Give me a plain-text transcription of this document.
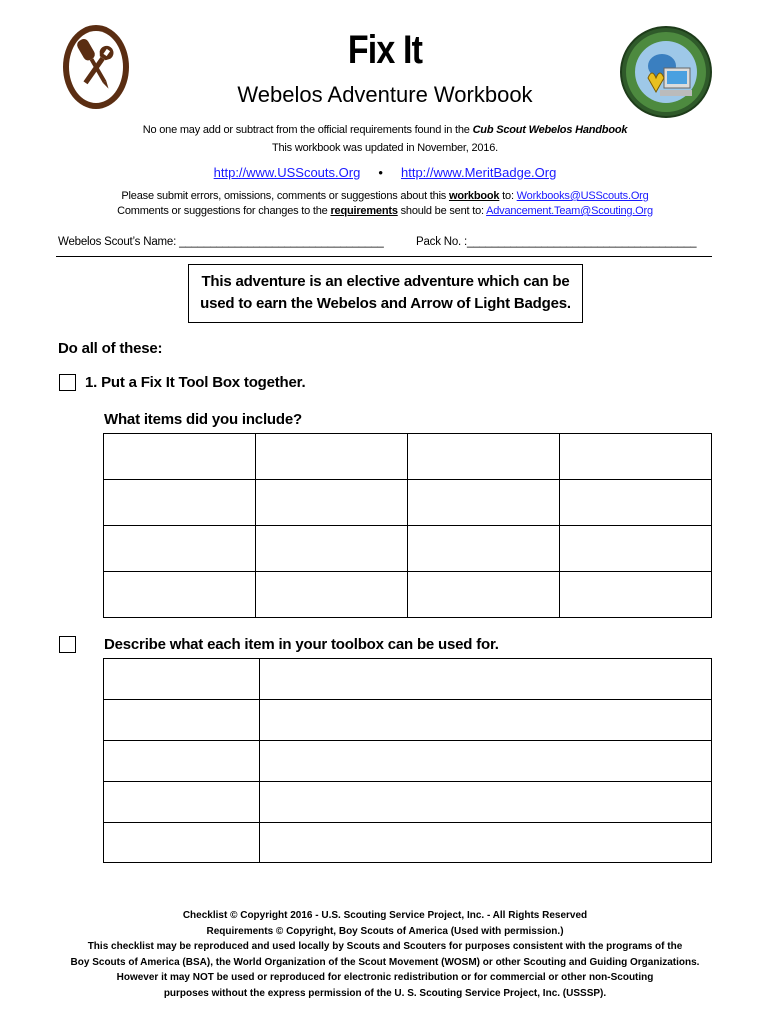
Fix It
Webelos Adventure Workbook
No one may add or subtract from the official requirements found in the Cub Scout Webelos Handbook
This workbook was updated in November, 2016.
http://www.USScouts.Org • http://www.MeritBadge.Org
Please submit errors, omissions, comments or suggestions about this workbook to: Workbooks@USScouts.Org
Comments or suggestions for changes to the requirements should be sent to: Advancement.Team@Scouting.Org
Webelos Scout’s Name: _________________________________	Pack No. :_____________________________________
This adventure is an elective adventure which can be
used to earn the Webelos and Arrow of Light Badges.
Do all of these:
1. Put a Fix It Tool Box together.
What items did you include?

Describe what each item in your toolbox can be used for.

Checklist © Copyright 2016 - U.S. Scouting Service Project, Inc. - All Rights Reserved
Requirements © Copyright, Boy Scouts of America (Used with permission.)
This checklist may be reproduced and used locally by Scouts and Scouters for purposes consistent with the programs of the
Boy Scouts of America (BSA), the World Organization of the Scout Movement (WOSM) or other Scouting and Guiding Organizations.
However it may NOT be used or reproduced for electronic redistribution or for commercial or other non-Scouting
purposes without the express permission of the U. S. Scouting Service Project, Inc. (USSSP).
